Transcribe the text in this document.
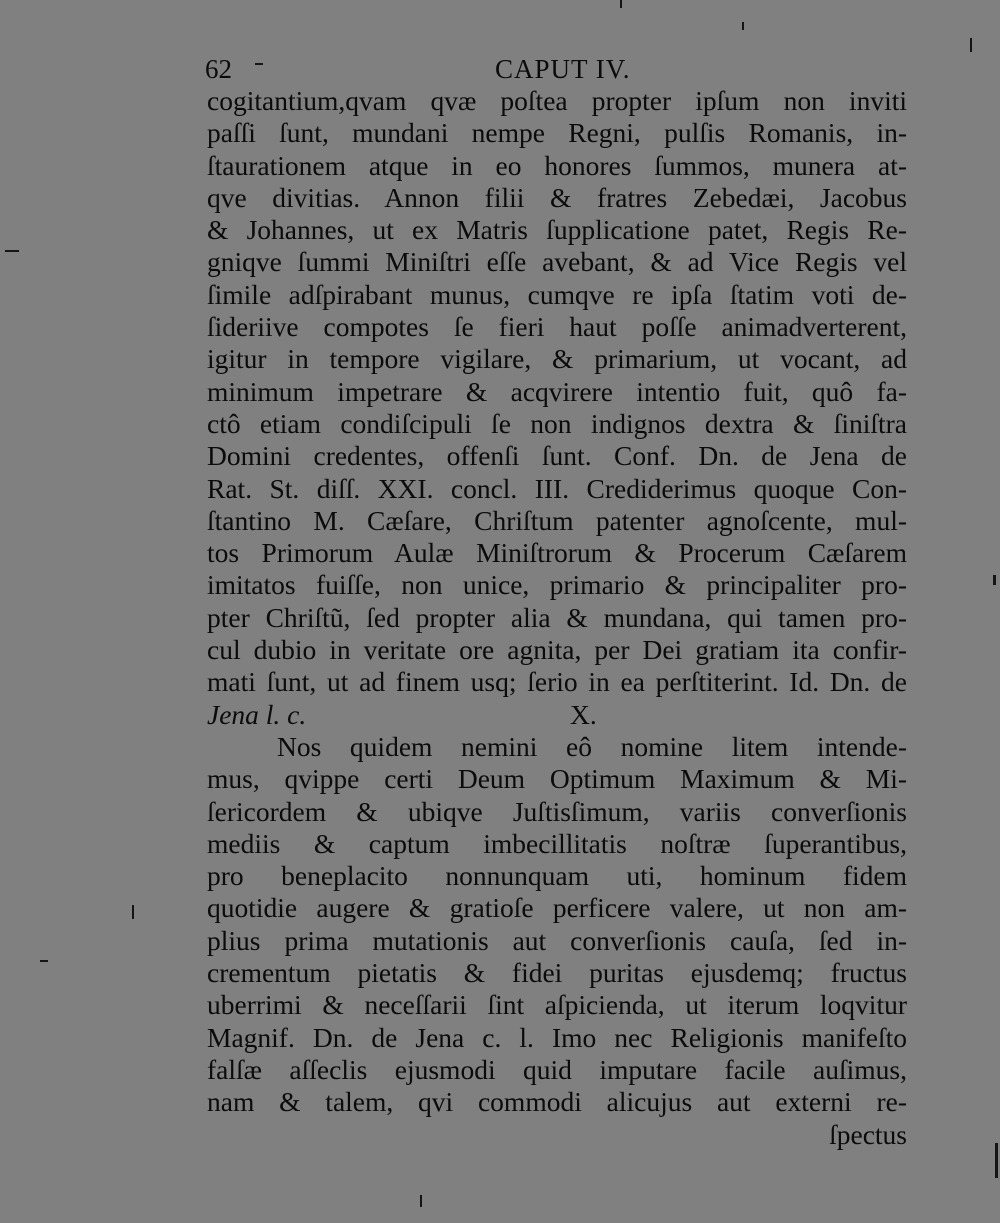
62	CAPUT IV.
cogitantium,qvam qvæ poſtea propter ipſum non inviti
paſſi ſunt, mundani nempe Regni, pulſis Romanis, in-
ſtaurationem atque in eo honores ſummos, munera at-
qve divitias. Annon filii & fratres Zebedæi, Jacobus
& Johannes, ut ex Matris ſupplicatione patet, Regis Re-
gniqve ſummi Miniſtri eſſe avebant, & ad Vice Regis vel
ſimile adſpirabant munus, cumqve re ipſa ſtatim voti de-
ſideriive compotes ſe fieri haut poſſe animadverterent,
igitur in tempore vigilare, & primarium, ut vocant, ad
minimum impetrare & acqvirere intentio fuit, quô fa-
ctô etiam condiſcipuli ſe non indignos dextra & ſiniſtra
Domini credentes, offenſi ſunt. Conf. Dn. de Jena de
Rat. St. diſſ. XXI. concl. III. Crediderimus quoque Con-
ſtantino M. Cæſare, Chriſtum patenter agnoſcente, mul-
tos Primorum Aulæ Miniſtrorum & Procerum Cæſarem
imitatos fuiſſe, non unice, primario & principaliter pro-
pter Chriſtũ, ſed propter alia & mundana, qui tamen pro-
cul dubio in veritate ore agnita, per Dei gratiam ita confir-
mati ſunt, ut ad finem usq; ſerio in ea perſtiterint. Id. Dn. de
Jena l. c.	X.
Nos quidem nemini eô nomine litem intende-
mus, qvippe certi Deum Optimum Maximum & Mi-
ſericordem & ubiqve Juſtisſimum, variis converſionis
mediis & captum imbecillitatis noſtræ ſuperantibus,
pro beneplacito nonnunquam uti, hominum fidem
quotidie augere & gratioſe perficere valere, ut non am-
plius prima mutationis aut converſionis cauſa, ſed in-
crementum pietatis & fidei puritas ejusdemq; fructus
uberrimi & neceſſarii ſint aſpicienda, ut iterum loqvitur
Magnif. Dn. de Jena c. l. Imo nec Religionis manifeſto
falſæ aſſeclis ejusmodi quid imputare facile auſimus,
nam & talem, qvi commodi alicujus aut externi re-
ſpectus
